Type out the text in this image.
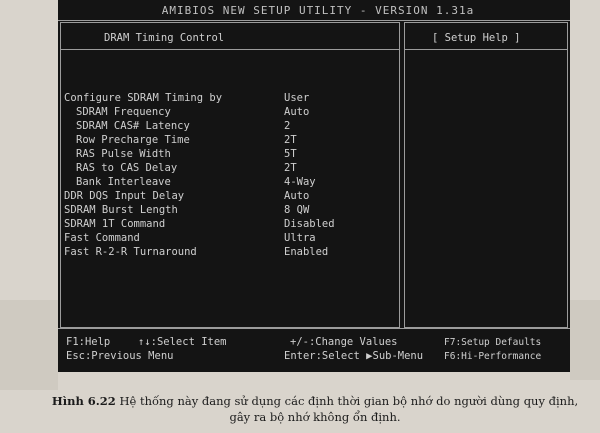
AMIBIOS NEW SETUP UTILITY - VERSION 1.31a
DRAM Timing Control	[ Setup Help ]
Configure SDRAM Timing by	User
SDRAM Frequency	Auto
SDRAM CAS# Latency	2
Row Precharge Time	2T
RAS Pulse Width	5T
RAS to CAS Delay	2T
Bank Interleave	4-Way
DDR DQS Input Delay	Auto
SDRAM Burst Length	8 QW
SDRAM 1T Command	Disabled
Fast Command	Ultra
Fast R-2-R Turnaround	Enabled
F1:Help	↑↓:Select Item	+/-:Change Values	F7:Setup Defaults
Esc:Previous Menu	Enter:Select ▶Sub-Menu F6:Hi-Performance
Hình 6.22 Hệ thống này đang sử dụng các định thời gian bộ nhớ do người dùng quy định, gây ra bộ nhớ không ổn định.
